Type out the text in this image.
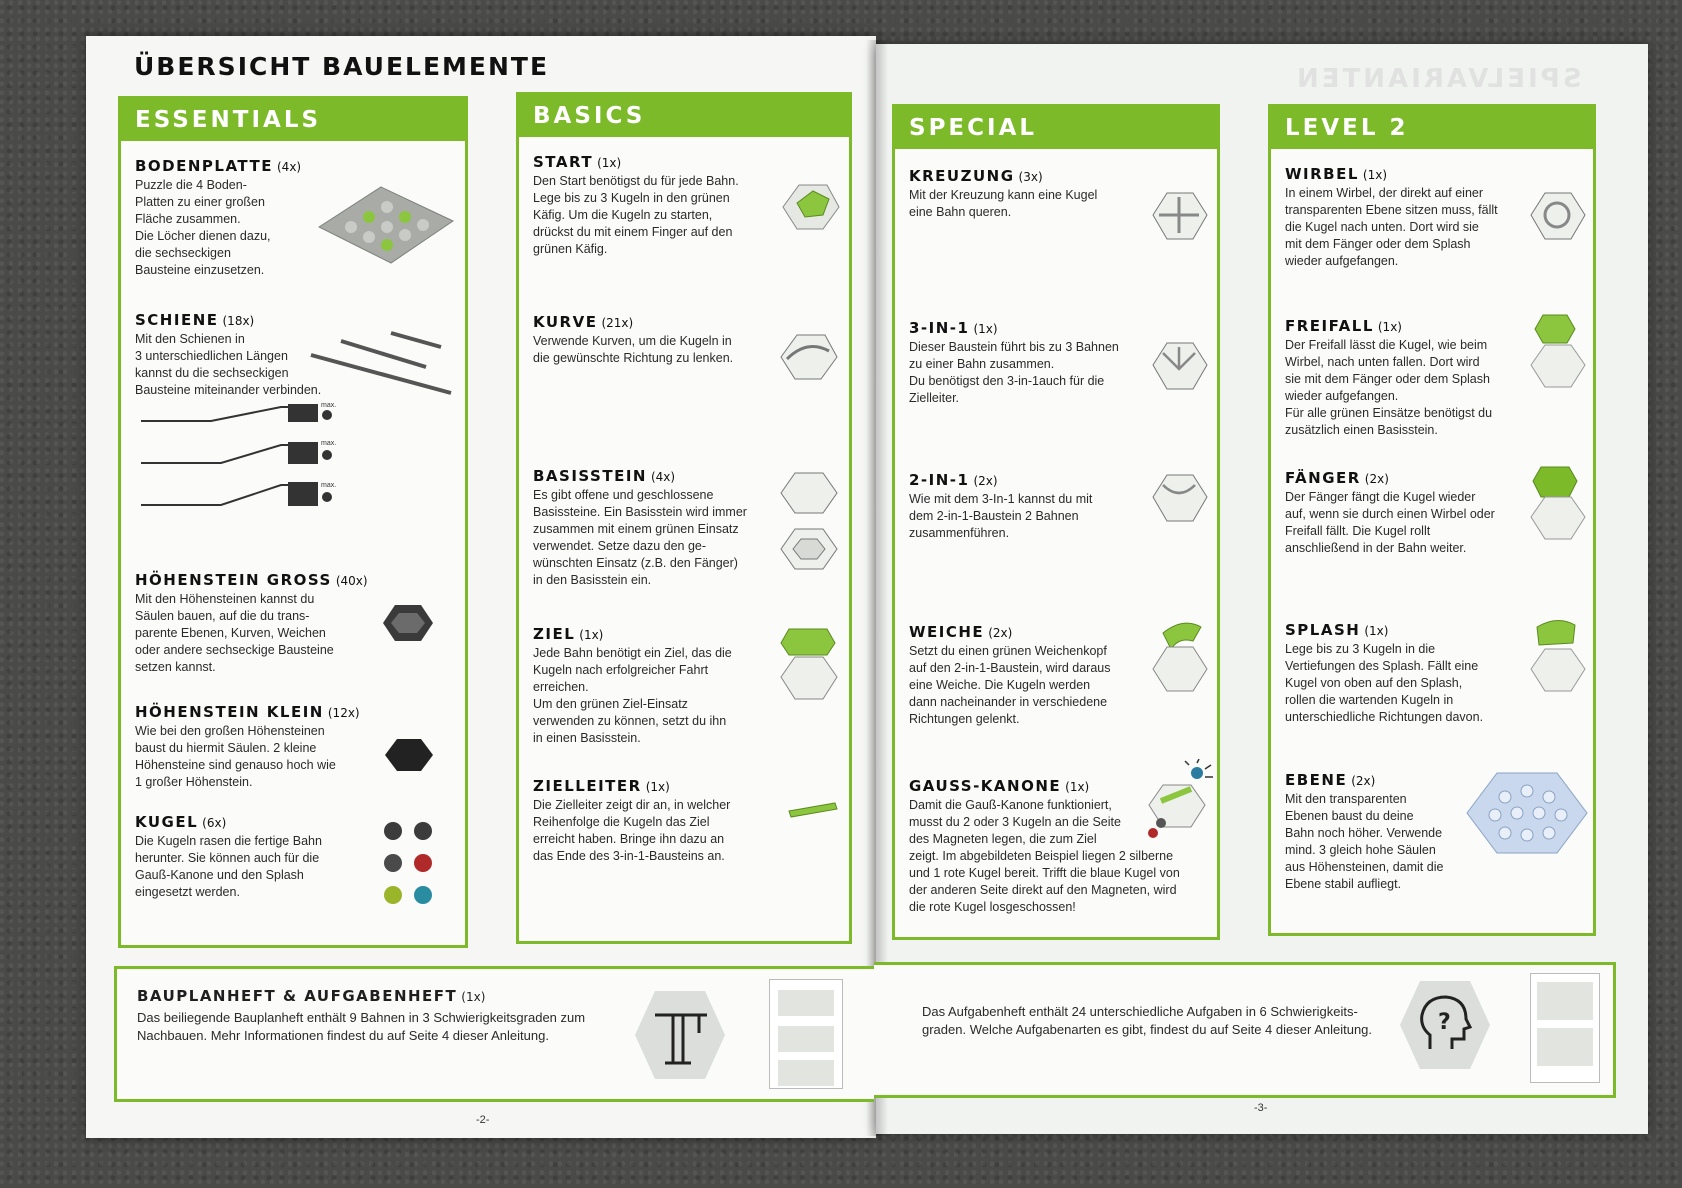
ÜBERSICHT BAUELEMENTE	SPIELVARIANTEN
ESSENTIALS
BODENPLATTE (4x)
Puzzle die 4 Boden-
Platten zu einer großen
Fläche zusammen.
Die Löcher dienen dazu,
die sechseckigen
Bausteine einzusetzen.
SCHIENE (18x)
Mit den Schienen in
3 unterschiedlichen Längen
kannst du die sechseckigen
Bausteine miteinander verbinden.
max.
max.
max.
HÖHENSTEIN GROSS (40x)
Mit den Höhensteinen kannst du
Säulen bauen, auf die du trans-
parente Ebenen, Kurven, Weichen
oder andere sechseckige Bausteine
setzen kannst.
HÖHENSTEIN KLEIN (12x)
Wie bei den großen Höhensteinen
baust du hiermit Säulen. 2 kleine
Höhensteine sind genauso hoch wie
1 großer Höhenstein.
KUGEL (6x)
Die Kugeln rasen die fertige Bahn
herunter. Sie können auch für die
Gauß-Kanone und den Splash
eingesetzt werden.
BASICS
START (1x)
Den Start benötigst du für jede Bahn.
Lege bis zu 3 Kugeln in den grünen
Käfig. Um die Kugeln zu starten,
drückst du mit einem Finger auf den
grünen Käfig.
KURVE (21x)
Verwende Kurven, um die Kugeln in
die gewünschte Richtung zu lenken.
BASISSTEIN (4x)
Es gibt offene und geschlossene
Basissteine. Ein Basisstein wird immer
zusammen mit einem grünen Einsatz
verwendet. Setze dazu den ge-
wünschten Einsatz (z.B. den Fänger)
in den Basisstein ein.
ZIEL (1x)
Jede Bahn benötigt ein Ziel, das die
Kugeln nach erfolgreicher Fahrt
erreichen.
Um den grünen Ziel-Einsatz
verwenden zu können, setzt du ihn
in einen Basisstein.
ZIELLEITER (1x)
Die Zielleiter zeigt dir an, in welcher
Reihenfolge die Kugeln das Ziel
erreicht haben. Bringe ihn dazu an
das Ende des 3-in-1-Bausteins an.
SPECIAL
KREUZUNG (3x)
Mit der Kreuzung kann eine Kugel
eine Bahn queren.
3-IN-1 (1x)
Dieser Baustein führt bis zu 3 Bahnen
zu einer Bahn zusammen.
Du benötigst den 3-in-1auch für die
Zielleiter.
2-IN-1 (2x)
Wie mit dem 3-In-1 kannst du mit
dem 2-in-1-Baustein 2 Bahnen
zusammenführen.
WEICHE (2x)
Setzt du einen grünen Weichenkopf
auf den 2-in-1-Baustein, wird daraus
eine Weiche. Die Kugeln werden
dann nacheinander in verschiedene
Richtungen gelenkt.
GAUSS-KANONE (1x)
Damit die Gauß-Kanone funktioniert,
musst du 2 oder 3 Kugeln an die Seite
des Magneten legen, die zum Ziel
zeigt. Im abgebildeten Beispiel liegen 2 silberne
und 1 rote Kugel bereit. Trifft die blaue Kugel von
der anderen Seite direkt auf den Magneten, wird
die rote Kugel losgeschossen!
LEVEL 2
WIRBEL (1x)
In einem Wirbel, der direkt auf einer
transparenten Ebene sitzen muss, fällt
die Kugel nach unten. Dort wird sie
mit dem Fänger oder dem Splash
wieder aufgefangen.
FREIFALL (1x)
Der Freifall lässt die Kugel, wie beim
Wirbel, nach unten fallen. Dort wird
sie mit dem Fänger oder dem Splash
wieder aufgefangen.
Für alle grünen Einsätze benötigst du
zusätzlich einen Basisstein.
FÄNGER (2x)
Der Fänger fängt die Kugel wieder
auf, wenn sie durch einen Wirbel oder
Freifall fällt. Die Kugel rollt
anschließend in der Bahn weiter.
SPLASH (1x)
Lege bis zu 3 Kugeln in die
Vertiefungen des Splash. Fällt eine
Kugel von oben auf den Splash,
rollen die wartenden Kugeln in
unterschiedliche Richtungen davon.
EBENE (2x)
Mit den transparenten
Ebenen baust du deine
Bahn noch höher. Verwende
mind. 3 gleich hohe Säulen
aus Höhensteinen, damit die
Ebene stabil aufliegt.
BAUPLANHEFT & AUFGABENHEFT (1x)
Das beiliegende Bauplanheft enthält 9 Bahnen in 3 Schwierigkeitsgraden zum
Nachbauen. Mehr Informationen findest du auf Seite 4 dieser Anleitung.
Das Aufgabenheft enthält 24 unterschiedliche Aufgaben in 6 Schwierigkeits-
graden. Welche Aufgabenarten es gibt, findest du auf Seite 4 dieser Anleitung.	?
-2-
-3-
